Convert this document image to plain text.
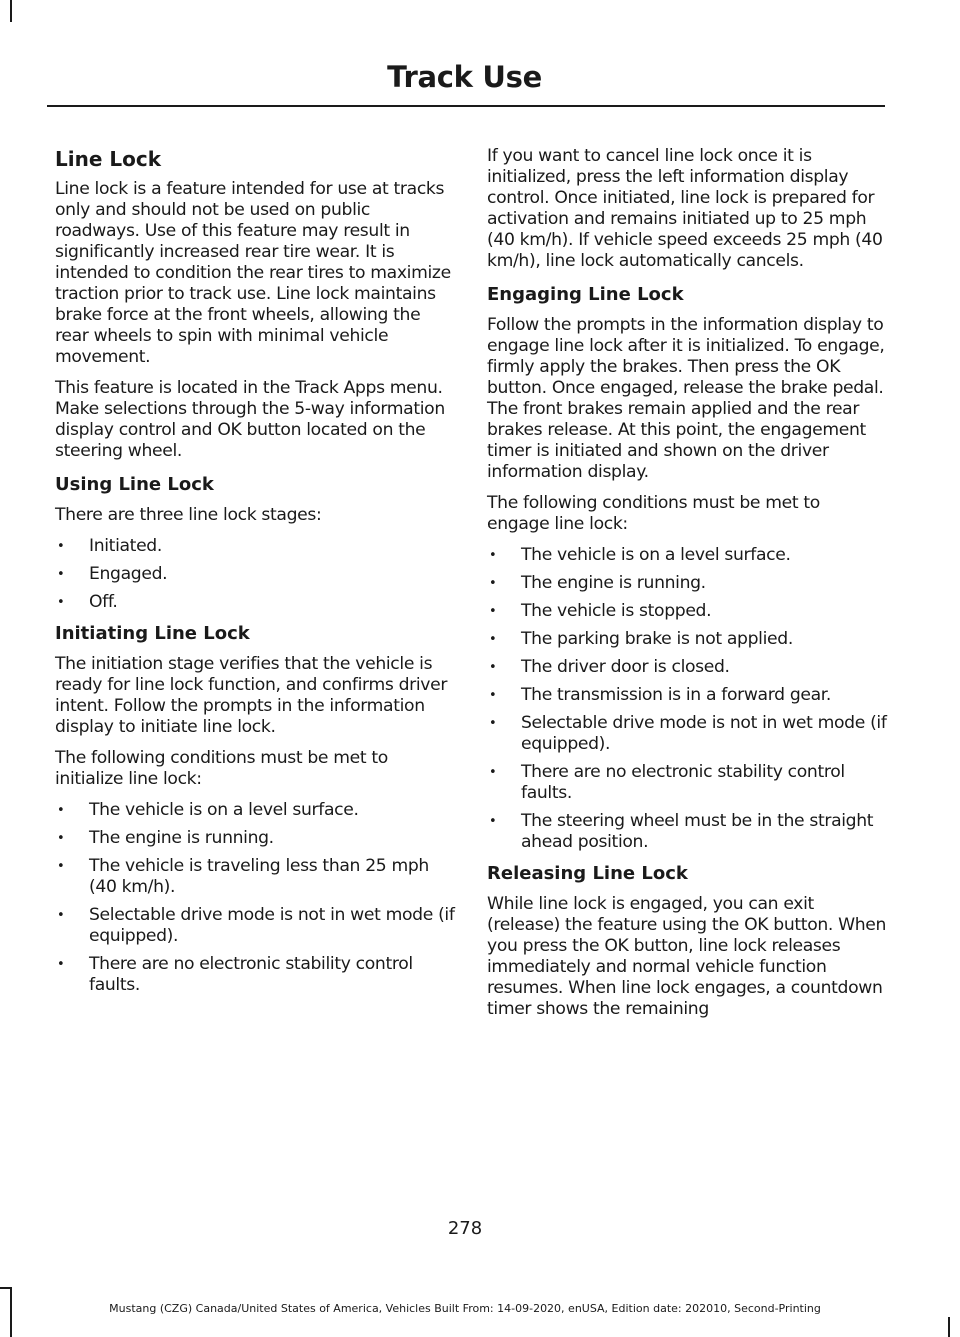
Track Use
Line Lock

Line lock is a feature intended for use at tracks only and should not be used on public roadways. Use of this feature may result in significantly increased rear tire wear. It is intended to condition the rear tires to maximize traction prior to track use. Line lock maintains brake force at the front wheels, allowing the rear wheels to spin with minimal vehicle movement.

This feature is located in the Track Apps menu. Make selections through the 5-way information display control and OK button located on the steering wheel.

Using Line Lock

There are three line lock stages:

• Initiated.
• Engaged.
• Off.
Initiating Line Lock

The initiation stage verifies that the vehicle is ready for line lock function, and confirms driver intent. Follow the prompts in the information display to initiate line lock.

The following conditions must be met to initialize line lock:

• The vehicle is on a level surface.
• The engine is running.
• The vehicle is traveling less than 25 mph (40 km/h).
• Selectable drive mode is not in wet mode (if equipped).
• There are no electronic stability control faults.

If you want to cancel line lock once it is initialized, press the left information display control. Once initiated, line lock is prepared for activation and remains initiated up to 25 mph (40 km/h). If vehicle speed exceeds 25 mph (40 km/h), line lock automatically cancels.

Engaging Line Lock

Follow the prompts in the information display to engage line lock after it is initialized. To engage, firmly apply the brakes. Then press the OK button. Once engaged, release the brake pedal. The front brakes remain applied and the rear brakes release. At this point, the engagement timer is initiated and shown on the driver information display.

The following conditions must be met to engage line lock:

• The vehicle is on a level surface.
• The engine is running.
• The vehicle is stopped.
• The parking brake is not applied.
• The driver door is closed.
• The transmission is in a forward gear.
• Selectable drive mode is not in wet mode (if equipped).
• There are no electronic stability control faults.
• The steering wheel must be in the straight ahead position.
Releasing Line Lock

While line lock is engaged, you can exit (release) the feature using the OK button. When you press the OK button, line lock releases immediately and normal vehicle function resumes. When line lock engages, a countdown timer shows the remaining

278
Mustang (CZG) Canada/United States of America, Vehicles Built From: 14-09-2020, enUSA, Edition date: 202010, Second-Printing
